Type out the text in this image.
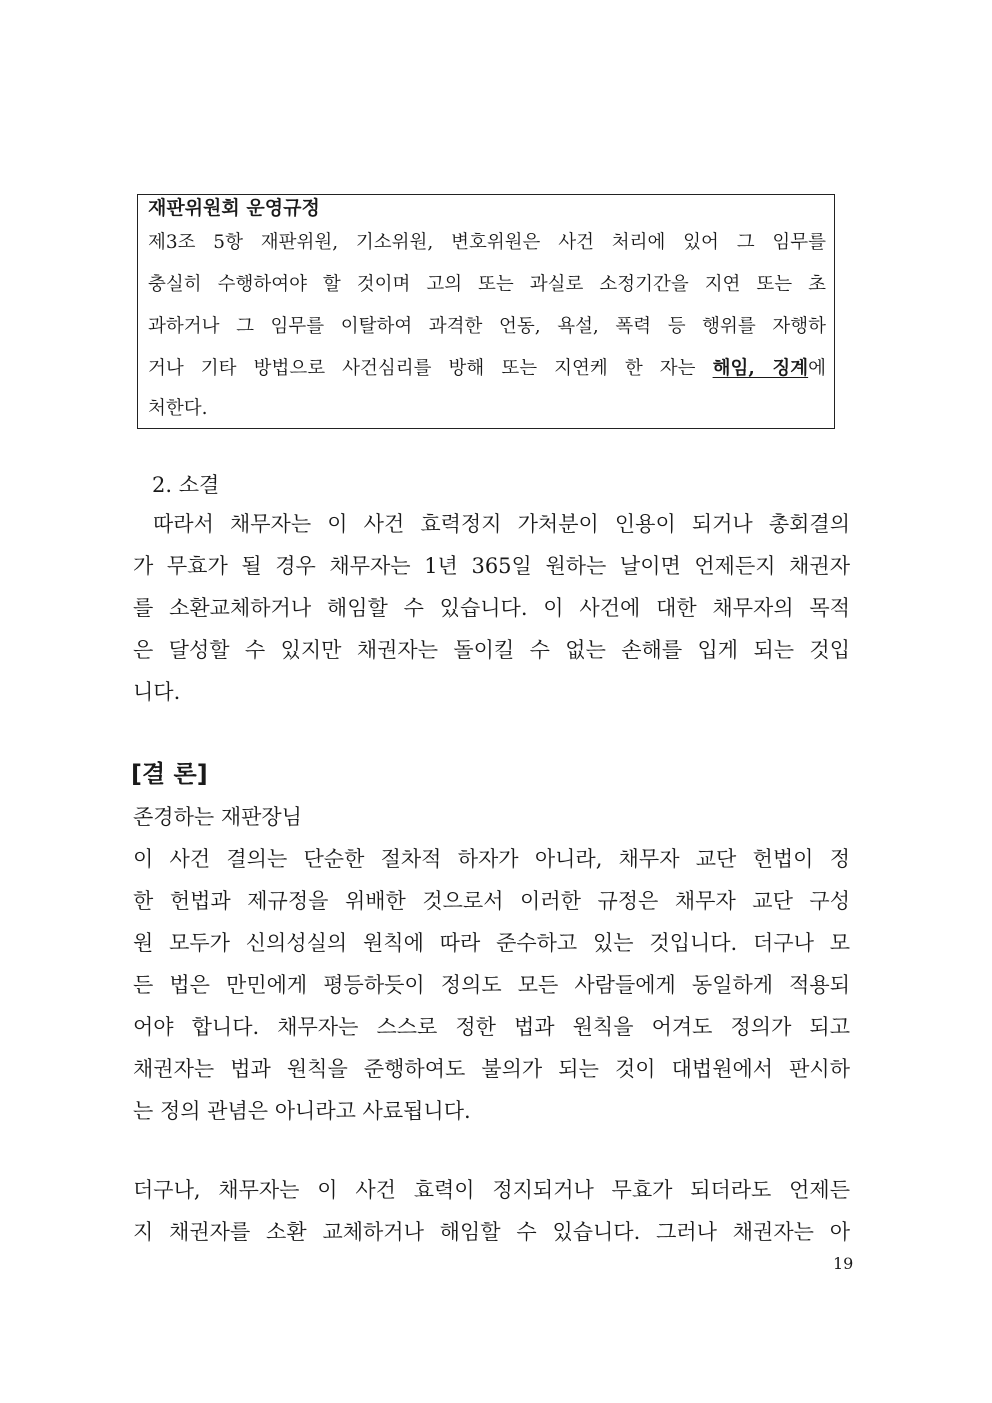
재판위원회 운영규정
제3조 5항 재판위원, 기소위원, 변호위원은 사건 처리에 있어 그 임무를
충실히 수행하여야 할 것이며 고의 또는 과실로 소정기간을 지연 또는 초
과하거나 그 임무를 이탈하여 과격한 언동, 욕설, 폭력 등 행위를 자행하
거나 기타 방법으로 사건심리를 방해 또는 지연케 한 자는 해임, 징계에
처한다.
2. 소결
따라서 채무자는 이 사건 효력정지 가처분이 인용이 되거나 총회결의
가 무효가 될 경우 채무자는 1년 365일 원하는 날이면 언제든지 채권자
를 소환교체하거나 해임할 수 있습니다. 이 사건에 대한 채무자의 목적
은 달성할 수 있지만 채권자는 돌이킬 수 없는 손해를 입게 되는 것입
니다.
[결 론]
존경하는 재판장님
이 사건 결의는 단순한 절차적 하자가 아니라, 채무자 교단 헌법이 정
한 헌법과 제규정을 위배한 것으로서 이러한 규정은 채무자 교단 구성
원 모두가 신의성실의 원칙에 따라 준수하고 있는 것입니다. 더구나 모
든 법은 만민에게 평등하듯이 정의도 모든 사람들에게 동일하게 적용되
어야 합니다. 채무자는 스스로 정한 법과 원칙을 어겨도 정의가 되고
채권자는 법과 원칙을 준행하여도 불의가 되는 것이 대법원에서 판시하
는 정의 관념은 아니라고 사료됩니다.
더구나, 채무자는 이 사건 효력이 정지되거나 무효가 되더라도 언제든
지 채권자를 소환 교체하거나 해임할 수 있습니다. 그러나 채권자는 아
19
